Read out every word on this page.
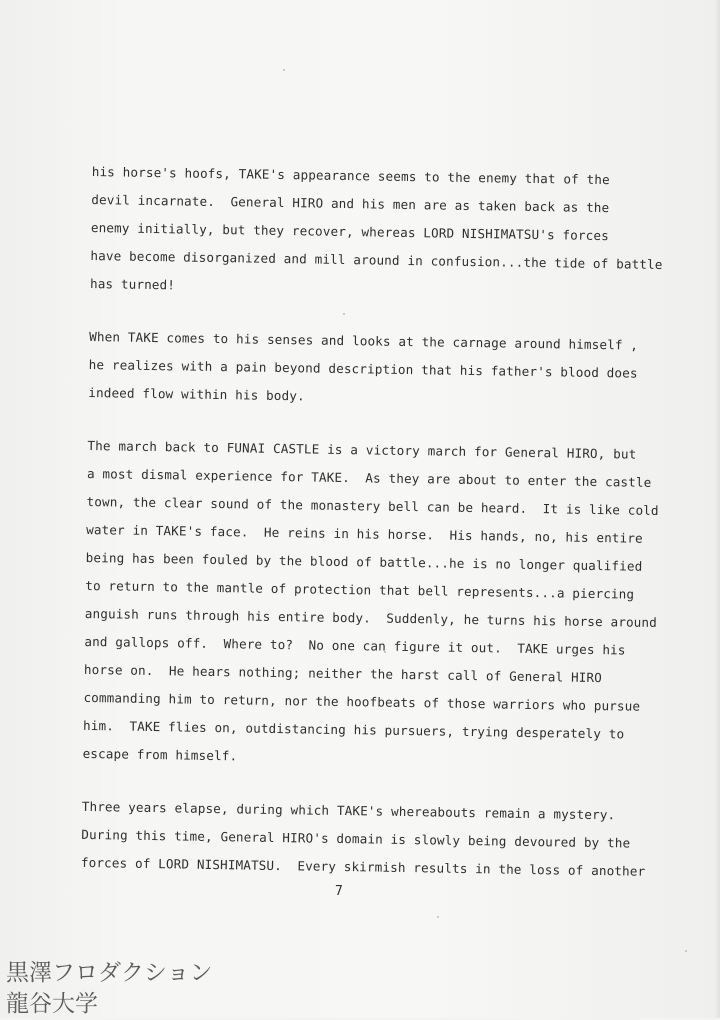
his horse's hoofs, TAKE's appearance seems to the enemy that of the
devil incarnate.  General HIRO and his men are as taken back as the
enemy initially, but they recover, whereas LORD NISHIMATSU's forces
have become disorganized and mill around in confusion...the tide of battle
has turned!
When TAKE comes to his senses and looks at the carnage around himself ,
he realizes with a pain beyond description that his father's blood does
indeed flow within his body.
The march back to FUNAI CASTLE is a victory march for General HIRO, but
a most dismal experience for TAKE.  As they are about to enter the castle
town, the clear sound of the monastery bell can be heard.  It is like cold
water in TAKE's face.  He reins in his horse.  His hands, no, his entire
being has been fouled by the blood of battle...he is no longer qualified
to return to the mantle of protection that bell represents...a piercing
anguish runs through his entire body.  Suddenly, he turns his horse around
and gallops off.  Where to?  No one can figure it out.  TAKE urges his
horse on.  He hears nothing; neither the harst call of General HIRO
commanding him to return, nor the hoofbeats of those warriors who pursue
him.  TAKE flies on, outdistancing his pursuers, trying desperately to
escape from himself.
Three years elapse, during which TAKE's whereabouts remain a mystery.
During this time, General HIRO's domain is slowly being devoured by the
forces of LORD NISHIMATSU.  Every skirmish results in the loss of another
7
黒澤フロダクション
龍谷大学
